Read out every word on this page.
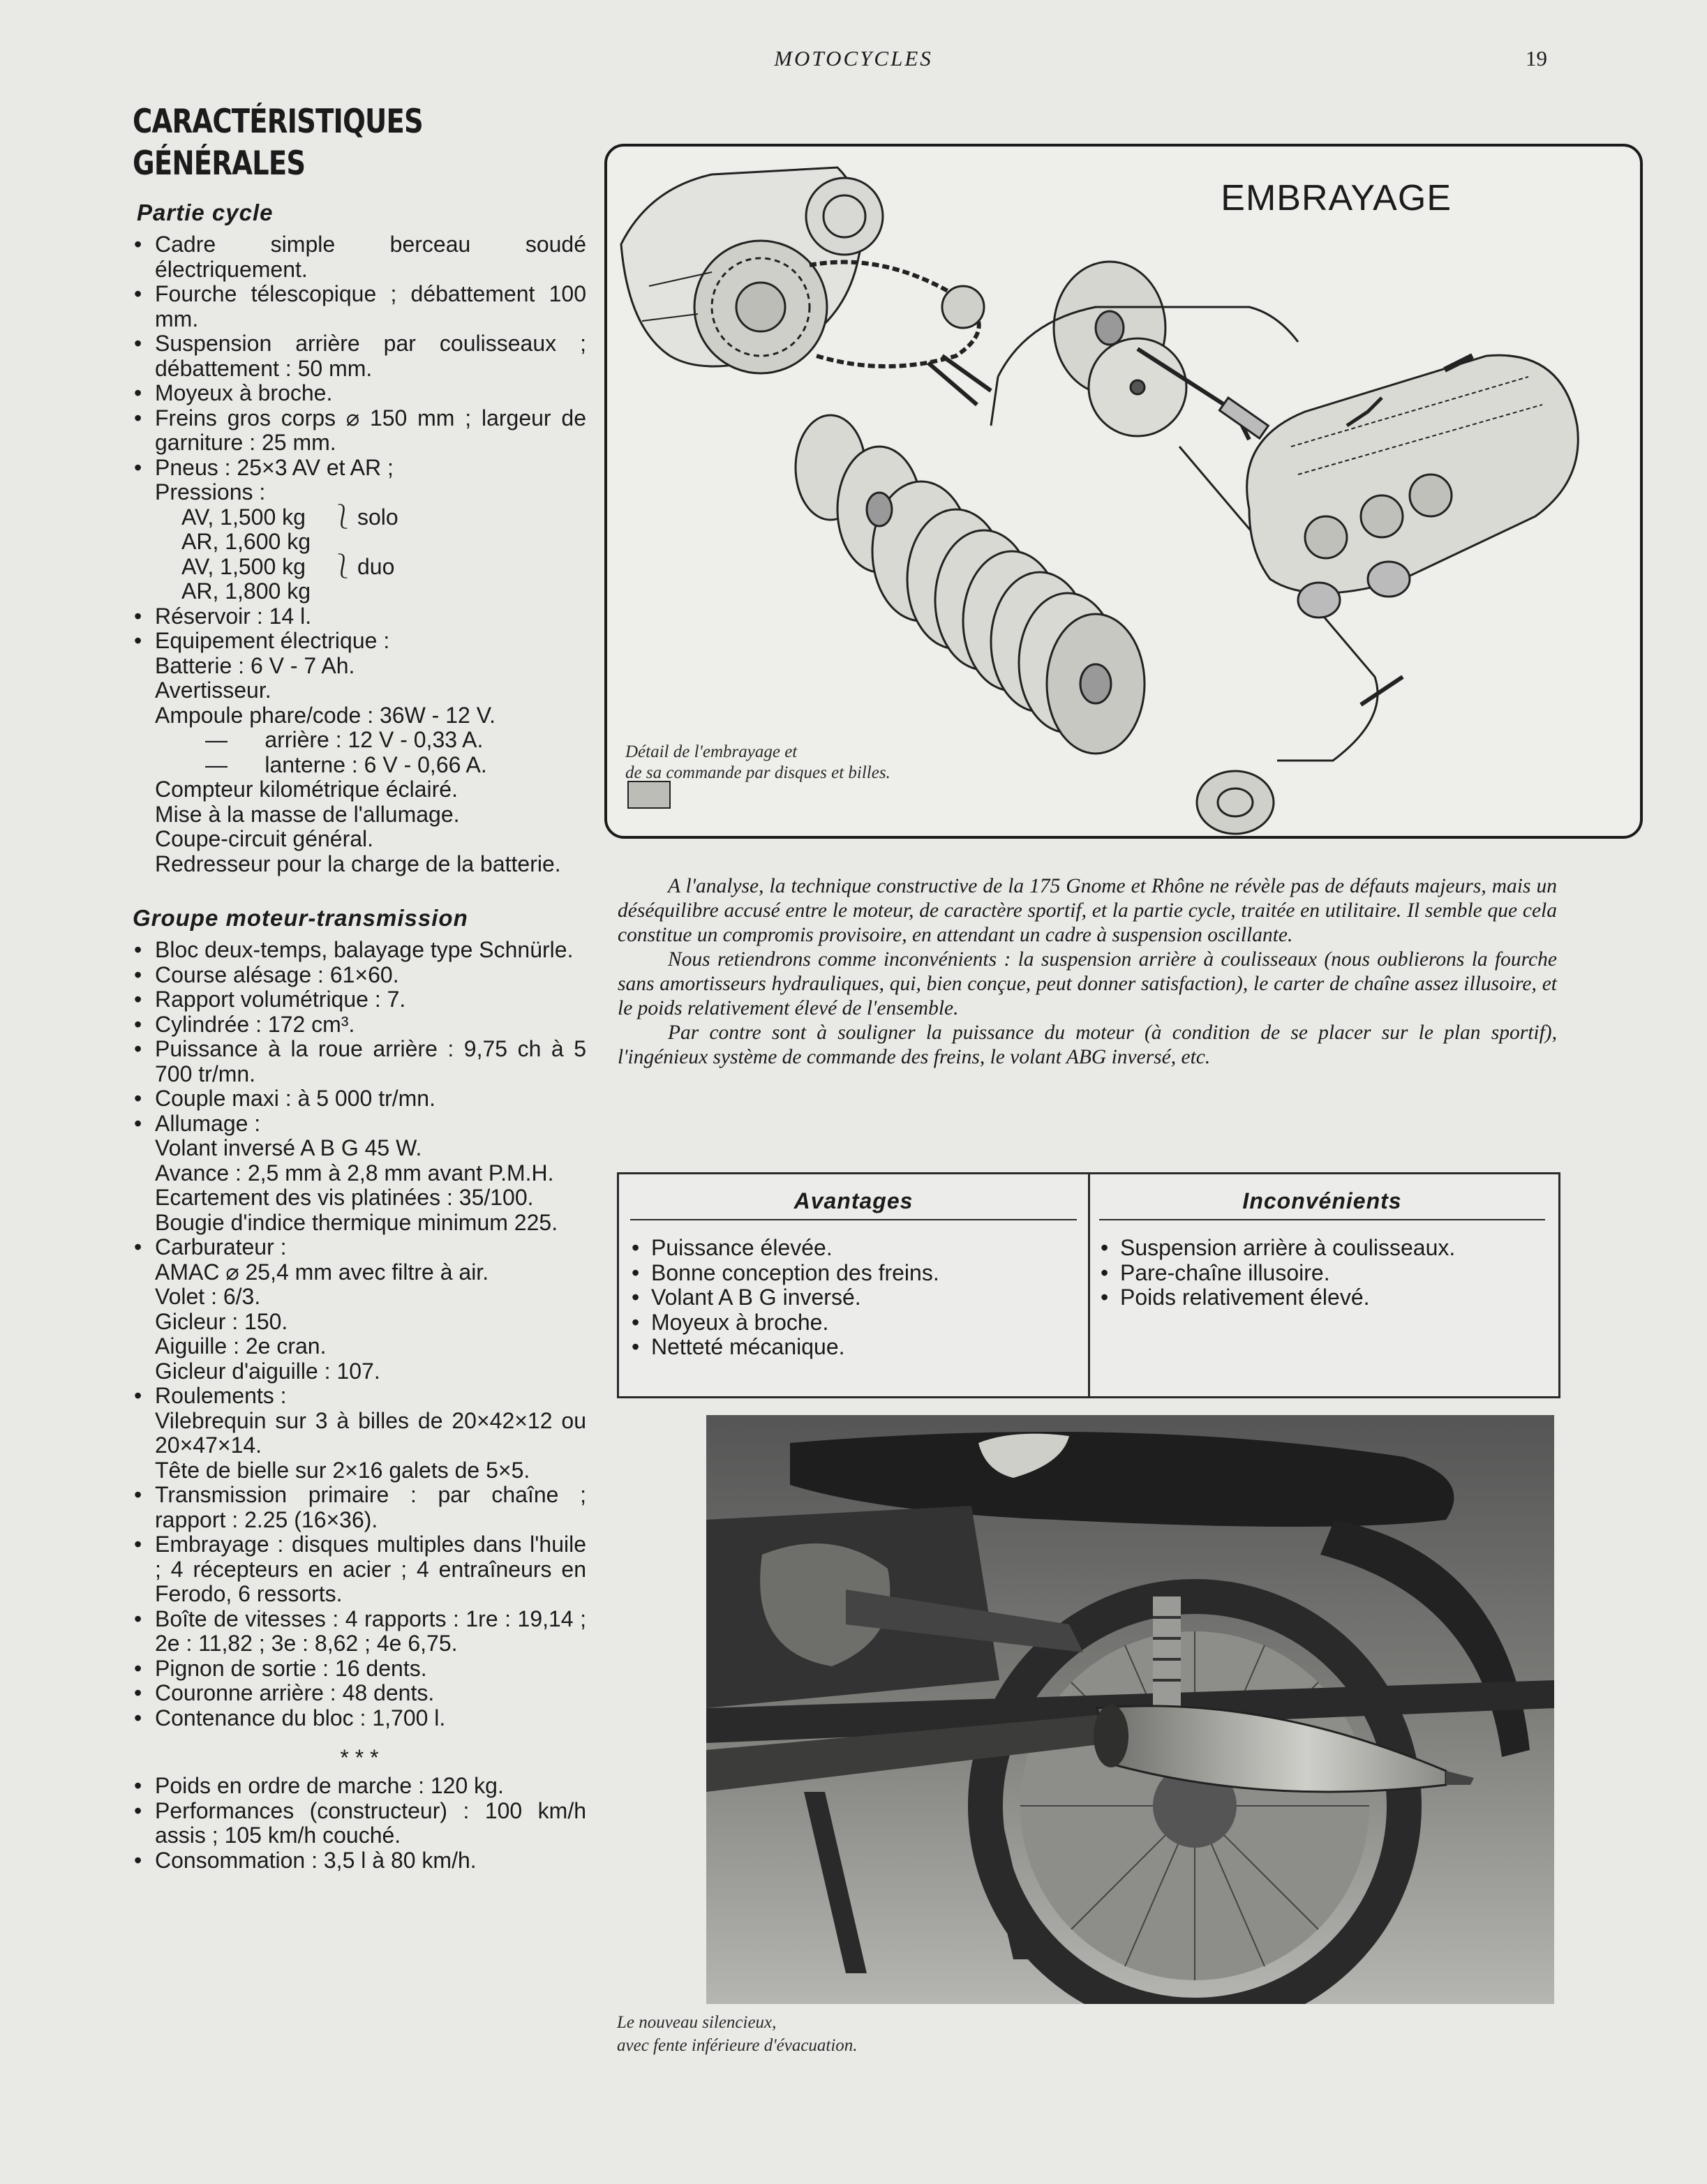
MOTOCYCLES	19
CARACTÉRISTIQUES
GÉNÉRALES
Partie cycle
• Cadre simple berceau soudé électriquement.
• Fourche télescopique ; débattement 100 mm.
• Suspension arrière par coulisseaux ; débattement : 50 mm.
• Moyeux à broche.
• Freins gros corps ⌀ 150 mm ; largeur de garniture : 25 mm.
• Pneus : 25×3 AV et AR ;
Pressions :
AV, 1,500 kg
AR, 1,600 kg
AV, 1,500 kg
AR, 1,800 kg
⎱ solo
⎱ duo
• Réservoir : 14 l.
• Equipement électrique :
Batterie : 6 V - 7 Ah.
Avertisseur.
Ampoule phare/code : 36W - 12 V.
—      arrière : 12 V - 0,33 A.
—      lanterne : 6 V - 0,66 A.
Compteur kilométrique éclairé.
Mise à la masse de l'allumage.
Coupe-circuit général.
Redresseur pour la charge de la batterie.
Groupe moteur-transmission
• Bloc deux-temps, balayage type Schnürle.
• Course alésage : 61×60.
• Rapport volumétrique : 7.
• Cylindrée : 172 cm³.
• Puissance à la roue arrière : 9,75 ch à 5 700 tr/mn.
• Couple maxi : à 5 000 tr/mn.
• Allumage :
Volant inversé A B G 45 W.
Avance : 2,5 mm à 2,8 mm avant P.M.H.
Ecartement des vis platinées : 35/100.
Bougie d'indice thermique minimum 225.
• Carburateur :
AMAC ⌀ 25,4 mm avec filtre à air.
Volet : 6/3.
Gicleur : 150.
Aiguille : 2e cran.
Gicleur d'aiguille : 107.
• Roulements :
Vilebrequin sur 3 à billes de 20×42×12 ou 20×47×14.
Tête de bielle sur 2×16 galets de 5×5.
• Transmission primaire : par chaîne ; rapport : 2.25 (16×36).
• Embrayage : disques multiples dans l'huile ; 4 récepteurs en acier ; 4 entraîneurs en Ferodo, 6 ressorts.
• Boîte de vitesses : 4 rapports : 1re : 19,14 ; 2e : 11,82 ; 3e : 8,62 ; 4e 6,75.
• Pignon de sortie : 16 dents.
• Couronne arrière : 48 dents.
• Contenance du bloc : 1,700 l.
* * *
• Poids en ordre de marche : 120 kg.
• Performances (constructeur) : 100 km/h assis ; 105 km/h couché.
• Consommation : 3,5 l à 80 km/h.
EMBRAYAGE
Détail de l'embrayage et
de sa commande par disques et billes.

A l'analyse, la technique constructive de la 175 Gnome et Rhône ne révèle pas de défauts majeurs, mais un déséquilibre accusé entre le moteur, de caractère sportif, et la partie cycle, traitée en utilitaire. Il semble que cela constitue un compromis provisoire, en attendant un cadre à suspension oscillante.

Nous retiendrons comme inconvénients : la suspension arrière à coulisseaux (nous oublierons la fourche sans amortisseurs hydrauliques, qui, bien conçue, peut donner satisfaction), le carter de chaîne assez illusoire, et le poids relativement élevé de l'ensemble.

Par contre sont à souligner la puissance du moteur (à condition de se placer sur le plan sportif), l'ingénieux système de commande des freins, le volant ABG inversé, etc.

Avantages
• Puissance élevée.
• Bonne conception des freins.
• Volant A B G inversé.
• Moyeux à broche.
• Netteté mécanique.
Inconvénients
• Suspension arrière à coulisseaux.
• Pare-chaîne illusoire.
• Poids relativement élevé.
Le nouveau silencieux,
avec fente inférieure d'évacuation.
